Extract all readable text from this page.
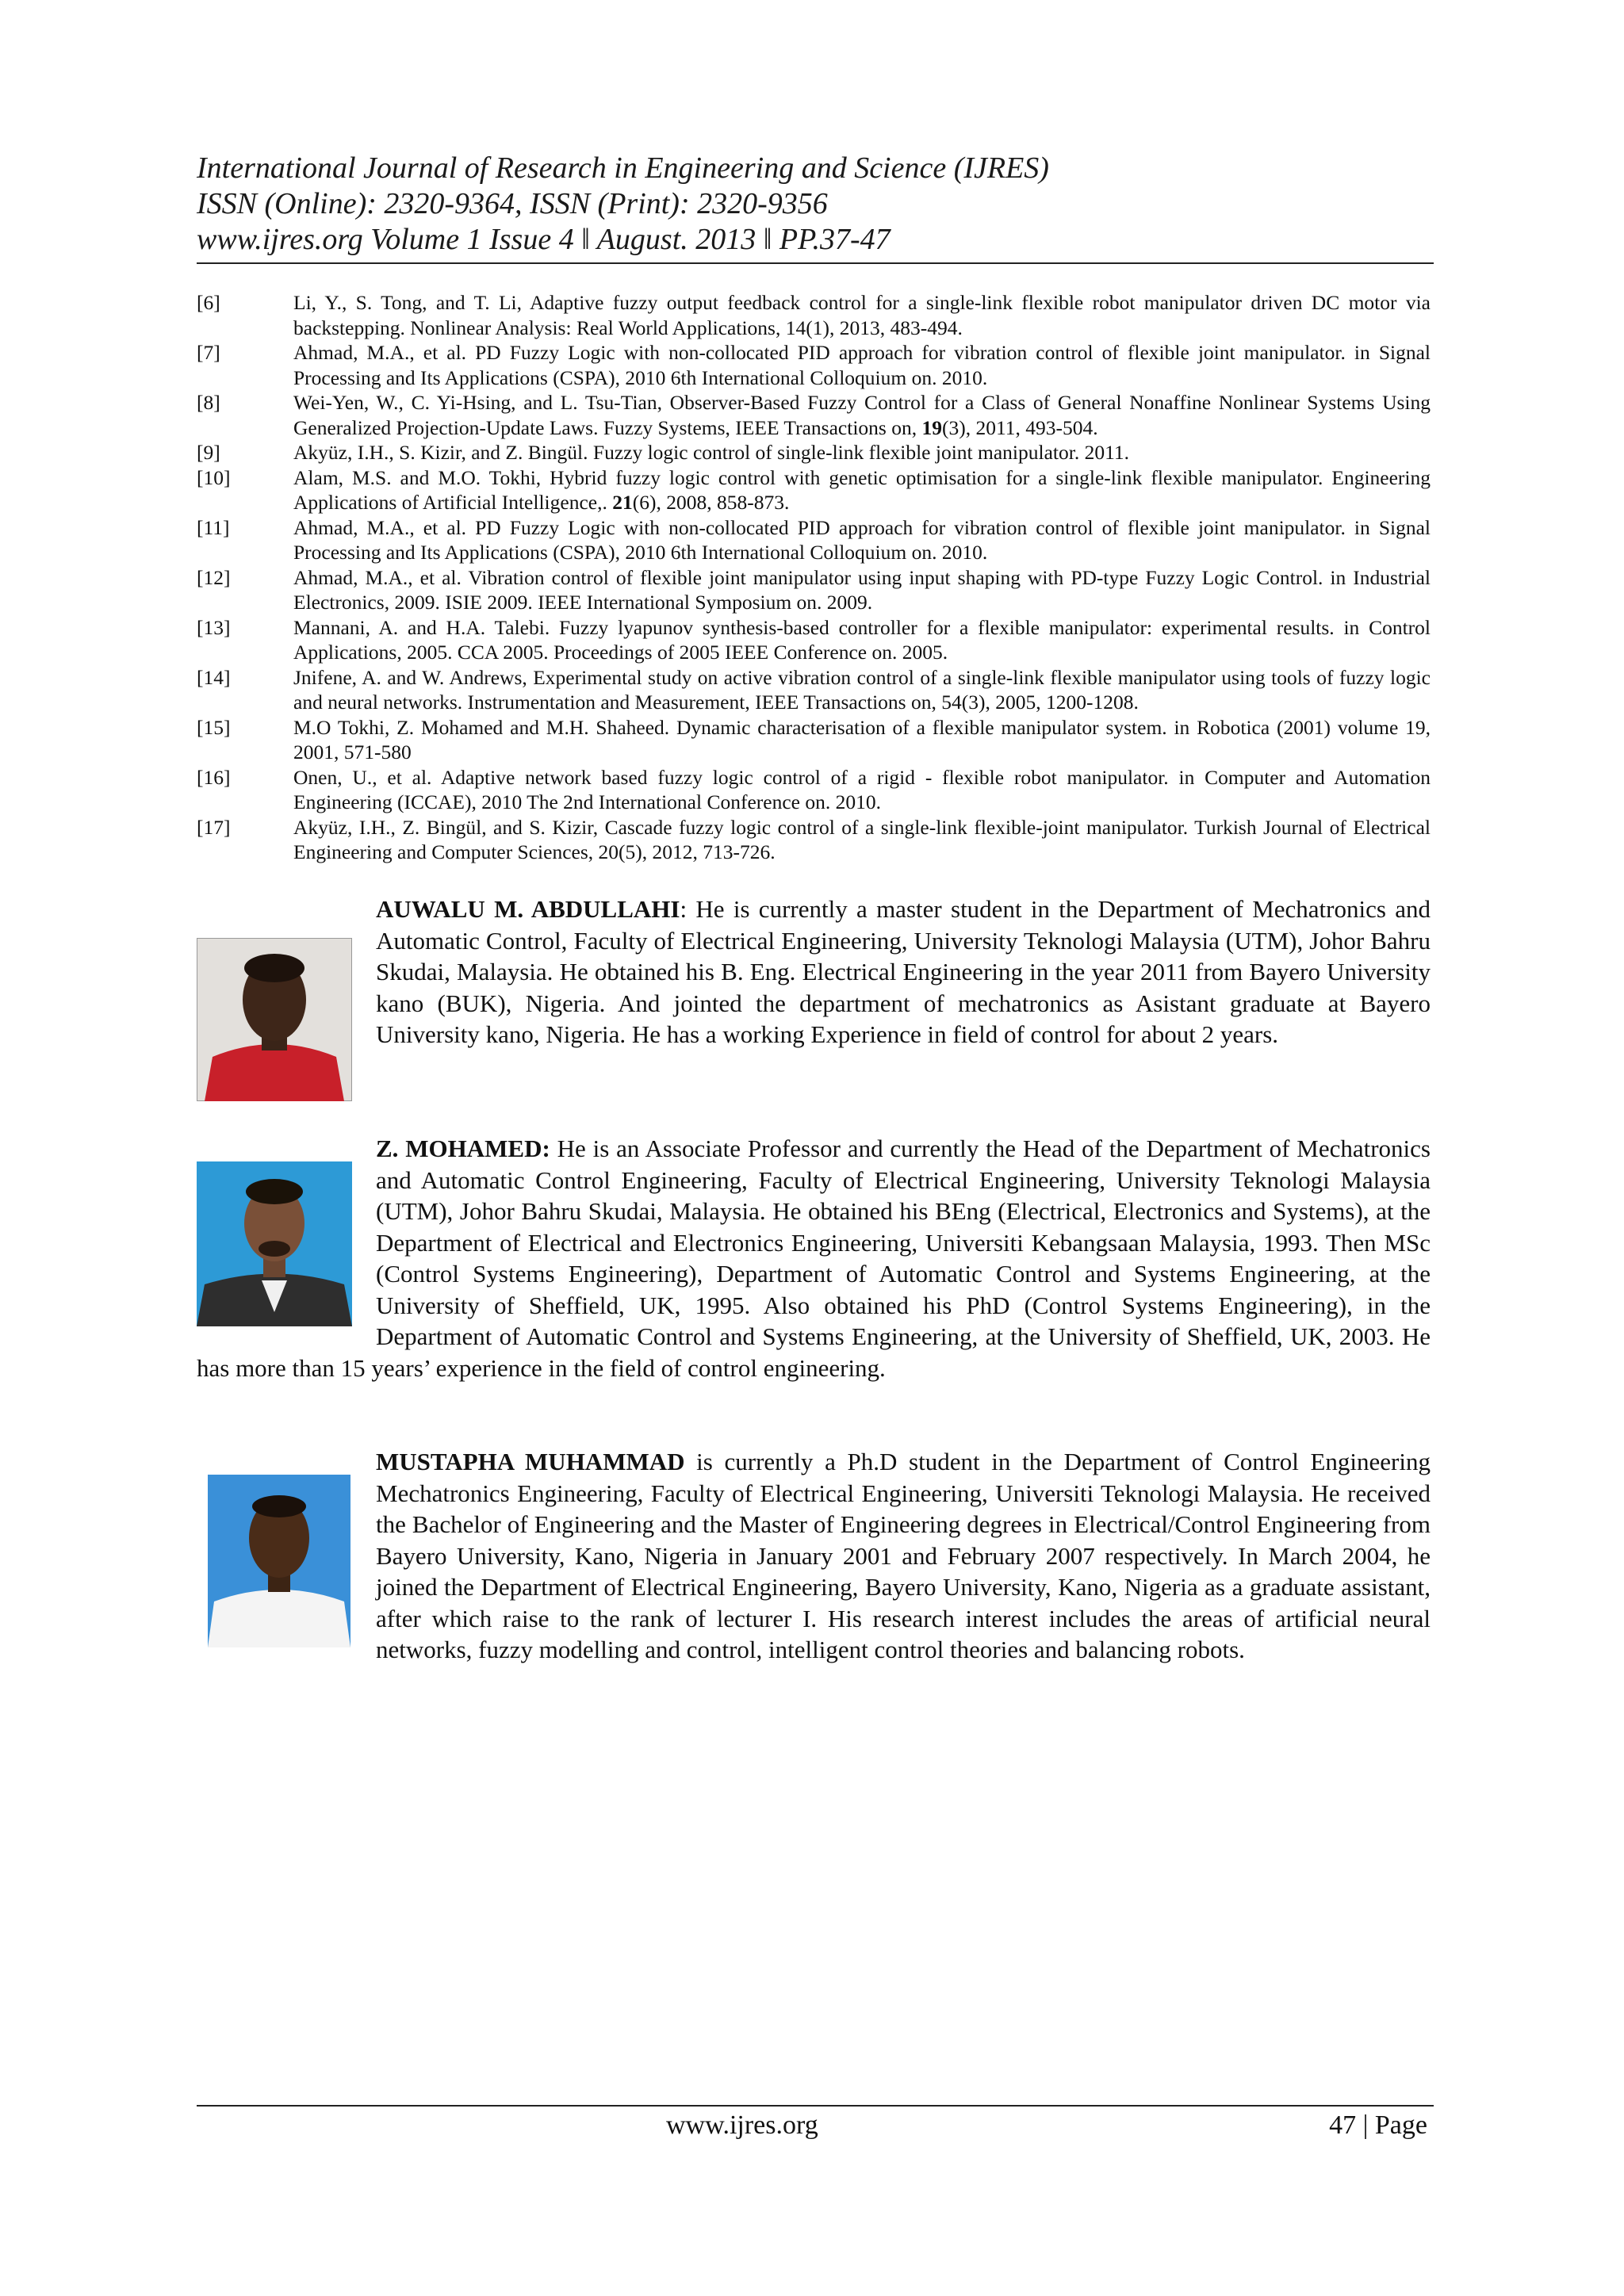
International Journal of Research in Engineering and Science (IJRES)
ISSN (Online): 2320-9364, ISSN (Print): 2320-9356
www.ijres.org Volume 1 Issue 4 ǁ August. 2013 ǁ PP.37-47
[6]	Li, Y., S. Tong, and T. Li, Adaptive fuzzy output feedback control for a single-link flexible robot manipulator driven DC motor via backstepping. Nonlinear Analysis: Real World Applications, 14(1), 2013, 483-494.
[7]	Ahmad, M.A., et al. PD Fuzzy Logic with non-collocated PID approach for vibration control of flexible joint manipulator. in Signal Processing and Its Applications (CSPA), 2010 6th International Colloquium on. 2010.
[8]	Wei-Yen, W., C. Yi-Hsing, and L. Tsu-Tian, Observer-Based Fuzzy Control for a Class of General Nonaffine Nonlinear Systems Using Generalized Projection-Update Laws. Fuzzy Systems, IEEE Transactions on, 19(3), 2011, 493-504.
[9]	Akyüz, I.H., S. Kizir, and Z. Bingül. Fuzzy logic control of single-link flexible joint manipulator. 2011.
[10]	Alam, M.S. and M.O. Tokhi, Hybrid fuzzy logic control with genetic optimisation for a single-link flexible manipulator. Engineering Applications of Artificial Intelligence,. 21(6), 2008, 858-873.
[11]	Ahmad, M.A., et al. PD Fuzzy Logic with non-collocated PID approach for vibration control of flexible joint manipulator. in Signal Processing and Its Applications (CSPA), 2010 6th International Colloquium on. 2010.
[12]	Ahmad, M.A., et al. Vibration control of flexible joint manipulator using input shaping with PD-type Fuzzy Logic Control. in Industrial Electronics, 2009. ISIE 2009. IEEE International Symposium on. 2009.
[13]	Mannani, A. and H.A. Talebi. Fuzzy lyapunov synthesis-based controller for a flexible manipulator: experimental results. in Control Applications, 2005. CCA 2005. Proceedings of 2005 IEEE Conference on. 2005.
[14]	Jnifene, A. and W. Andrews, Experimental study on active vibration control of a single-link flexible manipulator using tools of fuzzy logic and neural networks. Instrumentation and Measurement, IEEE Transactions on, 54(3), 2005, 1200-1208.
[15]	M.O Tokhi, Z. Mohamed and M.H. Shaheed. Dynamic characterisation of a flexible manipulator system. in Robotica (2001) volume 19, 2001, 571-580
[16]	Onen, U., et al. Adaptive network based fuzzy logic control of a rigid - flexible robot manipulator. in Computer and Automation Engineering (ICCAE), 2010 The 2nd International Conference on. 2010.
[17]	Akyüz, I.H., Z. Bingül, and S. Kizir, Cascade fuzzy logic control of a single-link flexible-joint manipulator. Turkish Journal of Electrical Engineering and Computer Sciences, 20(5), 2012, 713-726.
AUWALU M. ABDULLAHI: He is currently a master student in the Department of Mechatronics and Automatic Control, Faculty of Electrical Engineering, University Teknologi Malaysia (UTM), Johor Bahru Skudai, Malaysia. He obtained his B. Eng. Electrical Engineering in the year 2011 from Bayero University kano (BUK), Nigeria. And jointed the department of mechatronics as Asistant graduate at Bayero University kano, Nigeria. He has a working Experience in field of control for about 2 years.
Z. MOHAMED: He is an Associate Professor and currently the Head of the Department of Mechatronics and Automatic Control Engineering, Faculty of Electrical Engineering, University Teknologi Malaysia (UTM), Johor Bahru Skudai, Malaysia. He obtained his BEng (Electrical, Electronics and Systems), at the Department of Electrical and Electronics Engineering, Universiti Kebangsaan Malaysia, 1993. Then MSc (Control Systems Engineering), Department of Automatic Control and Systems Engineering, at the University of Sheffield, UK, 1995. Also obtained his PhD (Control Systems Engineering), in the Department of Automatic Control and Systems Engineering, at the University of Sheffield, UK, 2003. He has more than 15 years’ experience in the field of control engineering.
MUSTAPHA MUHAMMAD is currently a Ph.D student in the Department of Control Engineering Mechatronics Engineering, Faculty of Electrical Engineering, Universiti Teknologi Malaysia. He received the Bachelor of Engineering and the Master of Engineering degrees in Electrical/Control Engineering from Bayero University, Kano, Nigeria in January 2001 and February 2007 respectively. In March 2004, he joined the Department of Electrical Engineering, Bayero University, Kano, Nigeria as a graduate assistant, after which raise to the rank of lecturer I. His research interest includes the areas of artificial neural networks, fuzzy modelling and control, intelligent control theories and balancing robots.
www.ijres.org	47 | Page
